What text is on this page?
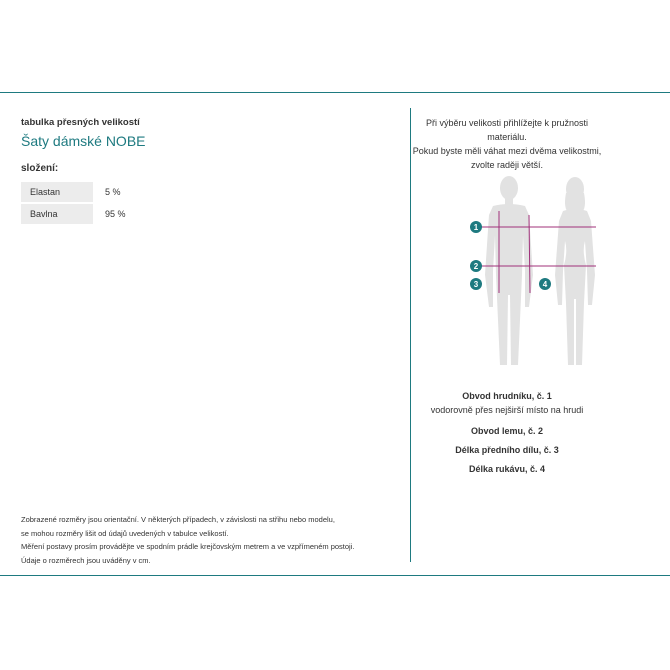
tabulka přesných velikostí
Šaty dámské NOBE
složení:
Elastan	5 %
Bavlna	95 %
Zobrazené rozměry jsou orientační. V některých případech, v závislosti na střihu nebo modelu,
se mohou rozměry lišit od údajů uvedených v tabulce velikostí.
Měření postavy prosím provádějte ve spodním prádle krejčovským metrem a ve vzpřímeném postoji.
Údaje o rozměrech jsou uváděny v cm.
Při výběru velikosti přihlížejte k pružnosti materiálu.
Pokud byste měli váhat mezi dvěma velikostmi,
zvolte raději větší.
1
2
3	4
Obvod hrudníku, č. 1
vodorovně přes nejširší místo na hrudi
Obvod lemu, č. 2
Délka předního dílu, č. 3
Délka rukávu, č. 4
